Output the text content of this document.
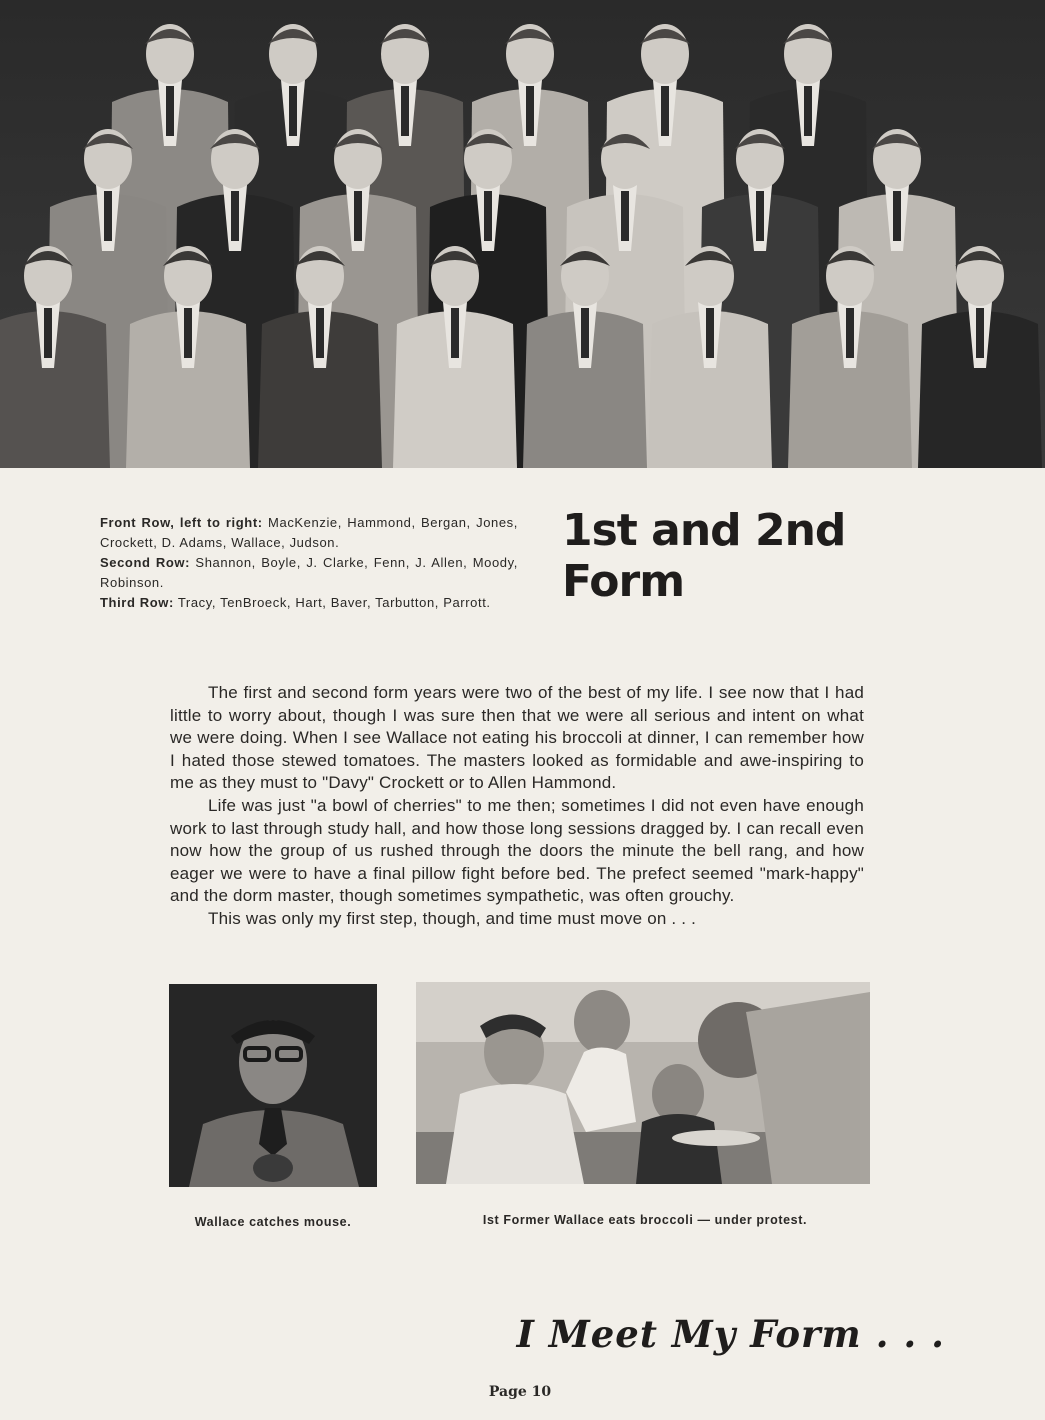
Front Row, left to right: MacKenzie, Hammond, Bergan, Jones, Crockett, D. Adams, Wallace, Judson.

Second Row: Shannon, Boyle, J. Clarke, Fenn, J. Allen, Moody, Robinson.

Third Row: Tracy, TenBroeck, Hart, Baver, Tarbutton, Parrott.

1st and 2nd Form

The first and second form years were two of the best of my life. I see now that I had little to worry about, though I was sure then that we were all serious and intent on what we were doing. When I see Wallace not eating his broccoli at dinner, I can remember how I hated those stewed tomatoes. The masters looked as formidable and awe-inspiring to me as they must to "Davy" Crockett or to Allen Hammond.

Life was just "a bowl of cherries" to me then; sometimes I did not even have enough work to last through study hall, and how those long sessions dragged by. I can recall even now how the group of us rushed through the doors the minute the bell rang, and how eager we were to have a final pillow fight before bed. The prefect seemed "mark-happy" and the dorm master, though sometimes sympathetic, was often grouchy.

This was only my first step, though, and time must move on . . .

Wallace catches mouse.	Ist Former Wallace eats broccoli — under protest.
I Meet My Form . . .
Page 10
